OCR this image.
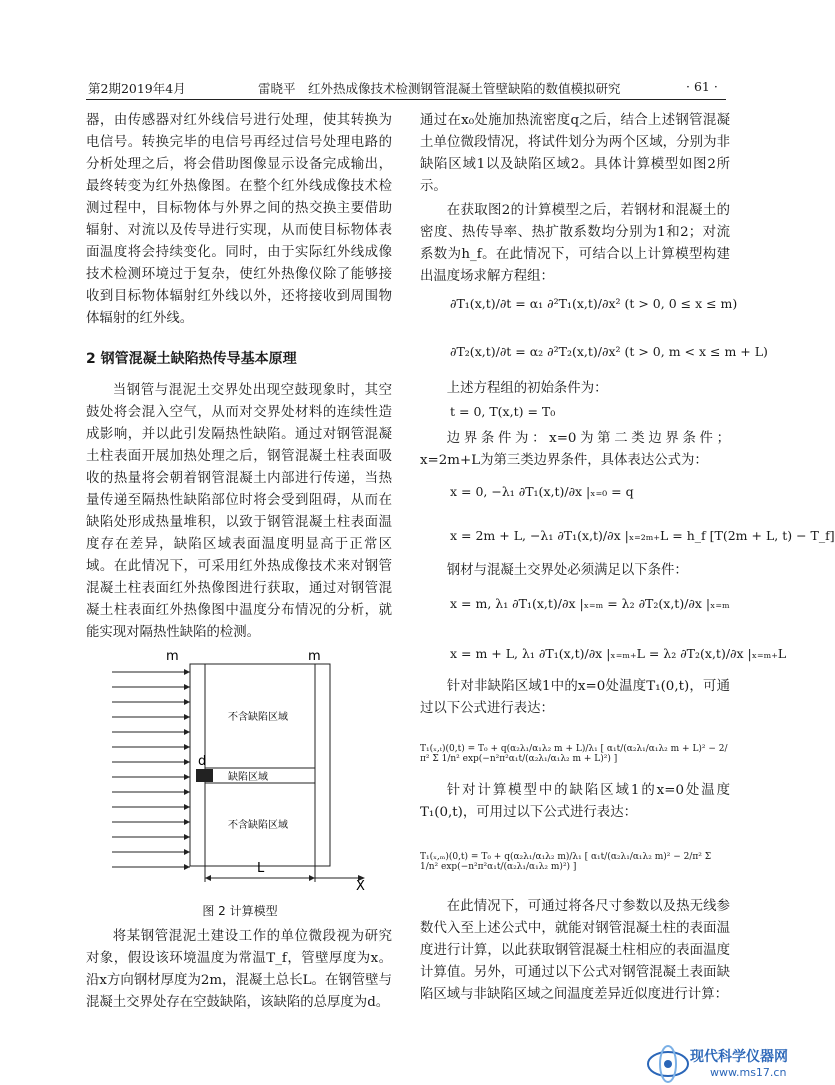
第2期2019年4月	雷晓平　红外热成像技术检测钢管混凝土管壁缺陷的数值模拟研究	· 61 ·

器，由传感器对红外线信号进行处理，使其转换为电信号。转换完毕的电信号再经过信号处理电路的分析处理之后，将会借助图像显示设备完成输出，最终转变为红外热像图。在整个红外线成像技术检测过程中，目标物体与外界之间的热交换主要借助辐射、对流以及传导进行实现，从而使目标物体表面温度将会持续变化。同时，由于实际红外线成像技术检测环境过于复杂，使红外热像仪除了能够接收到目标物体辐射红外线以外，还将接收到周围物体辐射的红外线。

2 钢管混凝土缺陷热传导基本原理

当钢管与混泥土交界处出现空鼓现象时，其空鼓处将会混入空气，从而对交界处材料的连续性造成影响，并以此引发隔热性缺陷。通过对钢管混凝土柱表面开展加热处理之后，钢管混凝土柱表面吸收的热量将会朝着钢管混凝土内部进行传递，当热量传递至隔热性缺陷部位时将会受到阻碍，从而在缺陷处形成热量堆积，以致于钢管混凝土柱表面温度存在差异，缺陷区域表面温度明显高于正常区域。在此情况下，可采用红外热成像技术来对钢管混凝土柱表面红外热像图进行获取，通过对钢管混凝土柱表面红外热像图中温度分布情况的分析，就能实现对隔热性缺陷的检测。

m	m
不含缺陷区域
缺陷区域
不含缺陷区域
d
L
X
图 2 计算模型

将某钢管混泥土建设工作的单位微段视为研究对象，假设该环境温度为常温T_f，管壁厚度为x。沿x方向钢材厚度为2m，混凝土总长L。在钢管壁与混凝土交界处存在空鼓缺陷，该缺陷的总厚度为d。

通过在x₀处施加热流密度q之后，结合上述钢管混凝土单位微段情况，将试件划分为两个区域，分别为非缺陷区域1以及缺陷区域2。具体计算模型如图2所示。

在获取图2的计算模型之后，若钢材和混凝土的密度、热传导率、热扩散系数均分别为1和2；对流系数为h_f。在此情况下，可结合以上计算模型构建出温度场求解方程组：

∂T₁(x,t)/∂t = α₁ ∂²T₁(x,t)/∂x² (t > 0, 0 ≤ x ≤ m)
∂T₂(x,t)/∂t = α₂ ∂²T₂(x,t)/∂x² (t > 0, m < x ≤ m + L)

上述方程组的初始条件为：

t = 0, T(x,t) = T₀

边界条件为：x=0为第二类边界条件；x=2m+L为第三类边界条件，具体表达公式为：

x = 0, −λ₁ ∂T₁(x,t)/∂x |ₓ₌₀ = q
x = 2m + L, −λ₁ ∂T₁(x,t)/∂x |ₓ₌₂ₘ₊L = h_f [T(2m + L, t) − T_f]

钢材与混凝土交界处必须满足以下条件：

x = m, λ₁ ∂T₁(x,t)/∂x |ₓ₌ₘ = λ₂ ∂T₂(x,t)/∂x |ₓ₌ₘ
x = m + L, λ₁ ∂T₁(x,t)/∂x |ₓ₌ₘ₊L = λ₂ ∂T₂(x,t)/∂x |ₓ₌ₘ₊L

针对非缺陷区域1中的x=0处温度T₁(0,t)，可通过以下公式进行表达：

T₁(ₓ,ₜ)(0,t) = T₀ + q(α₂λ₁/α₁λ₂ m + L)/λ₁ [ α₁t/(α₂λ₁/α₁λ₂ m + L)² − 2/π² Σ 1/n² exp(−n²π²α₁t/(α₂λ₁/α₁λ₂ m + L)²) ]

针对计算模型中的缺陷区域1的x=0处温度T₁(0,t)，可用过以下公式进行表达：

T₁(ₓ,ₘ)(0,t) = T₀ + q(α₂λ₁/α₁λ₂ m)/λ₁ [ α₁t/(α₂λ₁/α₁λ₂ m)² − 2/π² Σ 1/n² exp(−n²π²α₁t/(α₂λ₁/α₁λ₂ m)²) ]

在此情况下，可通过将各尺寸参数以及热无线参数代入至上述公式中，就能对钢管混凝土柱的表面温度进行计算，以此获取钢管混凝土柱相应的表面温度计算值。另外，可通过以下公式对钢管混凝土表面缺陷区域与非缺陷区域之间温度差异近似度进行计算：

现代科学仪器网
www.ms17.cn
